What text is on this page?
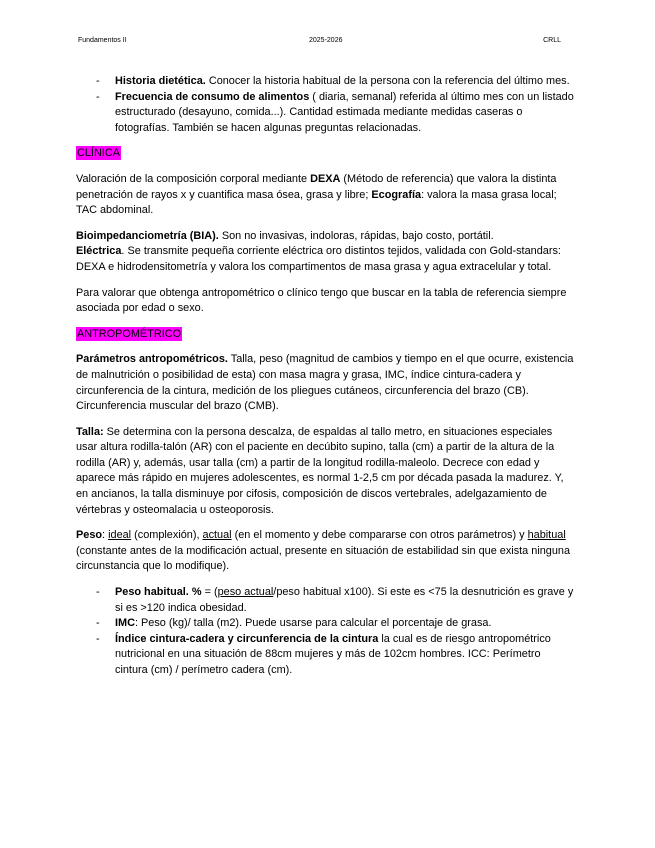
Fundamentos II	2025-2026	CRLL
- Historia dietética. Conocer la historia habitual de la persona con la referencia del último mes.
- Frecuencia de consumo de alimentos ( diaria, semanal) referida al último mes con un listado estructurado (desayuno, comida...). Cantidad estimada mediante medidas caseras o fotografías. También se hacen algunas preguntas relacionadas.
CLÍNICA

Valoración de la composición corporal mediante DEXA (Método de referencia) que valora la distinta penetración de rayos x y cuantifica masa ósea, grasa y libre; Ecografía: valora la masa grasa local; TAC abdominal.

Bioimpedanciometría (BIA). Son no invasivas, indoloras, rápidas, bajo costo, portátil.
Eléctrica. Se transmite pequeña corriente eléctrica oro distintos tejidos, validada con Gold-standars: DEXA e hidrodensitometría y valora los compartimentos de masa grasa y agua extracelular y total.

Para valorar que obtenga antropométrico o clínico tengo que buscar en la tabla de referencia siempre asociada por edad o sexo.

ANTROPOMÉTRICO

Parámetros antropométricos. Talla, peso (magnitud de cambios y tiempo en el que ocurre, existencia de malnutrición o posibilidad de esta) con masa magra y grasa, IMC, índice cintura-cadera y circunferencia de la cintura, medición de los pliegues cutáneos, circunferencia del brazo (CB). Circunferencia muscular del brazo (CMB).

Talla: Se determina con la persona descalza, de espaldas al tallo metro, en situaciones especiales usar altura rodilla-talón (AR) con el paciente en decúbito supino, talla (cm) a partir de la altura de la rodilla (AR) y, además, usar talla (cm) a partir de la longitud rodilla-maleolo. Decrece con edad y aparece más rápido en mujeres adolescentes, es normal 1-2,5 cm por década pasada la madurez. Y, en ancianos, la talla disminuye por cifosis, composición de discos vertebrales, adelgazamiento de vértebras y osteomalacia u osteoporosis.

Peso: ideal (complexión), actual (en el momento y debe compararse con otros parámetros) y habitual (constante antes de la modificación actual, presente en situación de estabilidad sin que exista ninguna circunstancia que lo modifique).

- Peso habitual. % = (peso actual/peso habitual x100). Si este es <75 la desnutrición es grave y si es >120 indica obesidad.
- IMC: Peso (kg)/ talla (m2). Puede usarse para calcular el porcentaje de grasa.
- Índice cintura-cadera y circunferencia de la cintura la cual es de riesgo antropométrico nutricional en una situación de 88cm mujeres y más de 102cm hombres. ICC: Perímetro cintura (cm) / perímetro cadera (cm).
